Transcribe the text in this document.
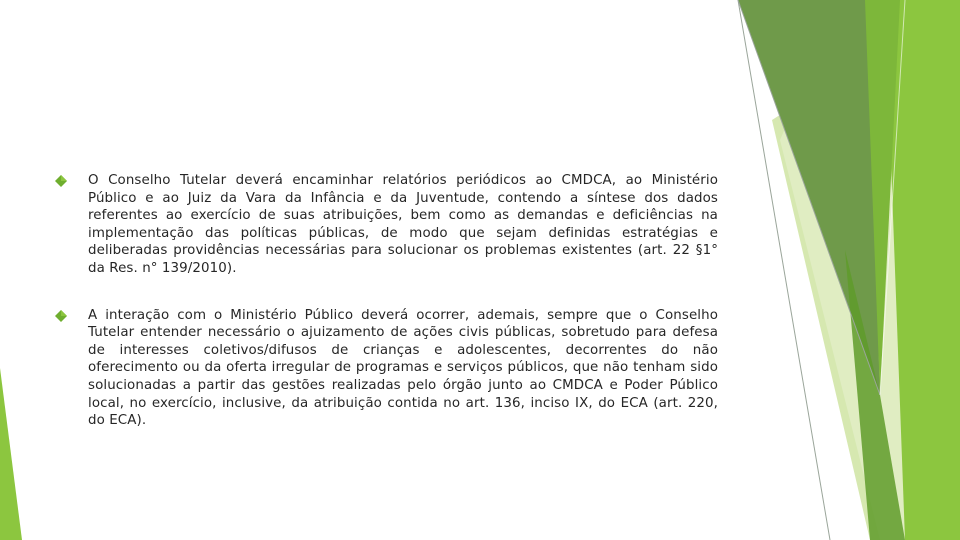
O Conselho Tutelar deverá encaminhar relatórios periódicos ao CMDCA, ao Ministério Público e ao Juiz da Vara da Infância e da Juventude, contendo a síntese dos dados referentes ao exercício de suas atribuições, bem como as demandas e deficiências na implementação das políticas públicas, de modo que sejam definidas estratégias e deliberadas providências necessárias para solucionar os problemas existentes (art. 22 §1° da Res. n° 139/2010).
A interação com o Ministério Público deverá ocorrer, ademais, sempre que o Conselho Tutelar entender necessário o ajuizamento de ações civis públicas, sobretudo para defesa de interesses coletivos/difusos de crianças e adolescentes, decorrentes do não oferecimento ou da oferta irregular de programas e serviços públicos, que não tenham sido solucionadas a partir das gestões realizadas pelo órgão junto ao CMDCA e Poder Público local, no exercício, inclusive, da atribuição contida no art. 136, inciso IX, do ECA (art. 220, do ECA).
